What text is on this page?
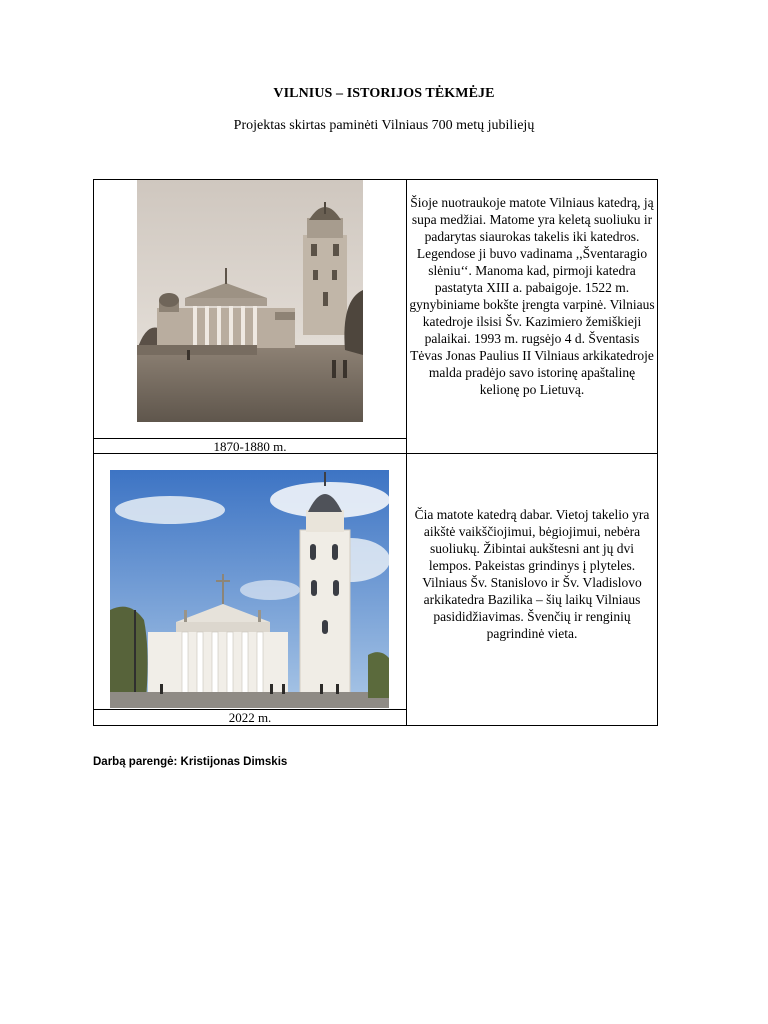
VILNIUS – ISTORIJOS TĖKMĖJE
Projektas skirtas paminėti Vilniaus 700 metų jubiliejų
1870-1880 m.
Šioje nuotraukoje matote Vilniaus katedrą, ją supa medžiai. Matome yra keletą suoliuku ir padarytas siaurokas takelis iki katedros. Legendose ji buvo vadinama ,,Šventaragio slėniu‘‘. Manoma kad, pirmoji katedra pastatyta XIII a. pabaigoje. 1522 m. gynybiniame bokšte įrengta varpinė. Vilniaus katedroje ilsisi Šv. Kazimiero žemiškieji palaikai. 1993 m. rugsėjo 4 d. Šventasis Tėvas Jonas Paulius II Vilniaus arkikatedroje malda pradėjo savo istorinę apaštalinę kelionę po Lietuvą.
2022 m.
Čia matote katedrą dabar. Vietoj takelio yra aikštė vaikščiojimui, bėgiojimui, nebėra suoliukų. Žibintai aukštesni ant jų dvi lempos. Pakeistas grindinys į plyteles. Vilniaus Šv. Stanislovo ir Šv. Vladislovo arkikatedra Bazilika – šių laikų Vilniaus pasididžiavimas. Švenčių ir renginių pagrindinė vieta.
Darbą parengė: Kristijonas Dimskis
